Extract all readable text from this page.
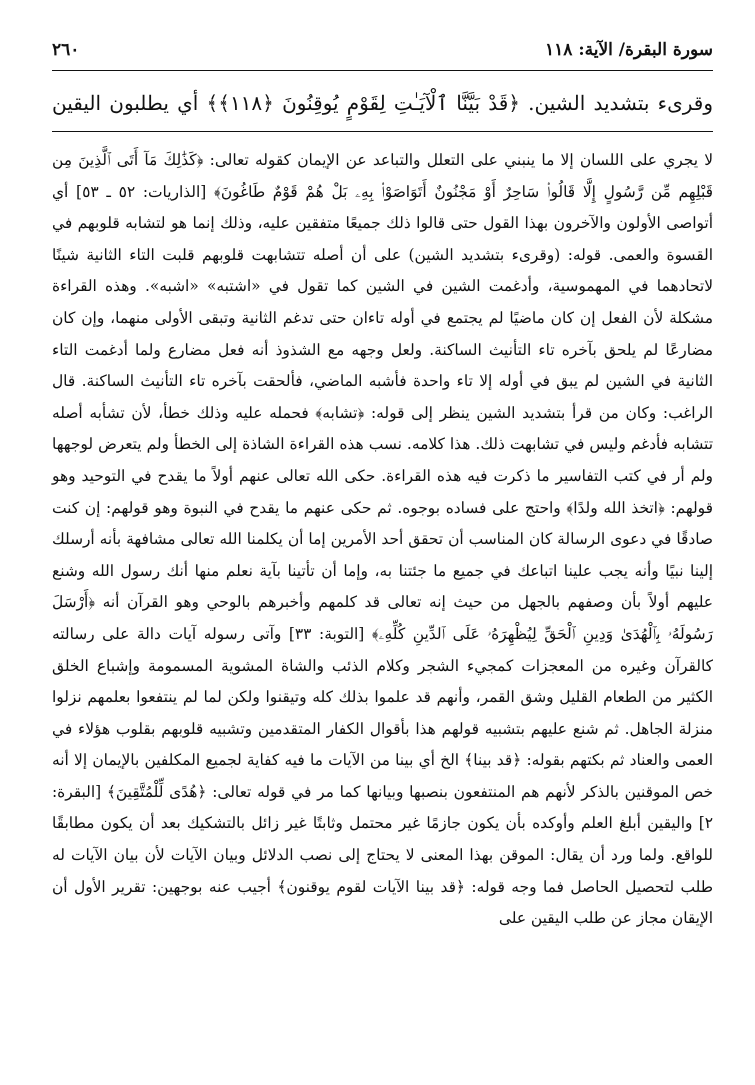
سورة البقرة/ الآية: ١١٨
٢٦٠
وقرىء بتشديد الشين. ﴿قَدْ بَيَّنَّا ٱلْآيَـٰتِ لِقَوْمٍ يُوقِنُونَ ﴿١١٨﴾﴾ أي يطلبون اليقين

لا يجري على اللسان إلا ما ينبني على التعلل والتباعد عن الإيمان كقوله تعالى: ﴿كَذَٰلِكَ مَآ أَتَى ٱلَّذِينَ مِن قَبْلِهِم مِّن رَّسُولٍ إِلَّا قَالُوا۟ سَاحِرٌ أَوْ مَجْنُونٌ أَتَوَاصَوْا۟ بِهِۦ بَلْ هُمْ قَوْمٌ طَاغُونَ﴾ [الذاريات: ٥٢ ـ ٥٣] أي أتواصى الأولون والآخرون بهذا القول حتى قالوا ذلك جميعًا متفقين عليه، وذلك إنما هو لتشابه قلوبهم في القسوة والعمى. قوله: (وقرىء بتشديد الشين) على أن أصله تتشابهت قلوبهم قلبت التاء الثانية شينًا لاتحادهما في المهموسية، وأدغمت الشين في الشين كما تقول في «اشتبه» «اشبه». وهذه القراءة مشكلة لأن الفعل إن كان ماضيًا لم يجتمع في أوله تاءان حتى تدغم الثانية وتبقى الأولى منهما، وإن كان مضارعًا لم يلحق بآخره تاء التأنيث الساكنة. ولعل وجهه مع الشذوذ أنه فعل مضارع ولما أدغمت التاء الثانية في الشين لم يبق في أوله إلا تاء واحدة فأشبه الماضي، فألحقت بآخره تاء التأنيث الساكنة. قال الراغب: وكان من قرأ بتشديد الشين ينظر إلى قوله: ﴿تشابه﴾ فحمله عليه وذلك خطأ، لأن تشأبه أصله تتشابه فأدغم وليس في تشابهت ذلك. هذا كلامه. نسب هذه القراءة الشاذة إلى الخطأ ولم يتعرض لوجهها ولم أر في كتب التفاسير ما ذكرت فيه هذه القراءة. حكى الله تعالى عنهم أولاً ما يقدح في التوحيد وهو قولهم: ﴿اتخذ الله ولدًا﴾ واحتج على فساده بوجوه. ثم حكى عنهم ما يقدح في النبوة وهو قولهم: إن كنت صادقًا في دعوى الرسالة كان المناسب أن تحقق أحد الأمرين إما أن يكلمنا الله تعالى مشافهة بأنه أرسلك إلينا نبيًا وأنه يجب علينا اتباعك في جميع ما جئتنا به، وإما أن تأتينا بآية نعلم منها أنك رسول الله وشنع عليهم أولاً بأن وصفهم بالجهل من حيث إنه تعالى قد كلمهم وأخبرهم بالوحي وهو القرآن أنه ﴿أَرْسَلَ رَسُولَهُۥ بِٱلْهُدَىٰ وَدِينِ ٱلْحَقِّ لِيُظْهِرَهُۥ عَلَى ٱلدِّينِ كُلِّهِۦ﴾ [التوبة: ٣٣] وآتى رسوله آيات دالة على رسالته كالقرآن وغيره من المعجزات كمجيء الشجر وكلام الذئب والشاة المشوية المسمومة وإشباع الخلق الكثير من الطعام القليل وشق القمر، وأنهم قد علموا بذلك كله وتيقنوا ولكن لما لم ينتفعوا بعلمهم نزلوا منزلة الجاهل. ثم شنع عليهم بتشبيه قولهم هذا بأقوال الكفار المتقدمين وتشبيه قلوبهم بقلوب هؤلاء في العمى والعناد ثم بكتهم بقوله: ﴿قد بينا﴾ الخ أي بينا من الآيات ما فيه كفاية لجميع المكلفين بالإيمان إلا أنه خص الموقنين بالذكر لأنهم هم المنتفعون بنصبها وبيانها كما مر في قوله تعالى: ﴿هُدًى لِّلْمُتَّقِينَ﴾ [البقرة: ٢] واليقين أبلغ العلم وأوكده بأن يكون جازمًا غير محتمل وثابتًا غير زائل بالتشكيك بعد أن يكون مطابقًا للواقع. ولما ورد أن يقال: الموقن بهذا المعنى لا يحتاج إلى نصب الدلائل وبيان الآيات لأن بيان الآيات له طلب لتحصيل الحاصل فما وجه قوله: ﴿قد بينا الآيات لقوم يوقنون﴾ أجيب عنه بوجهين: تقرير الأول أن الإيقان مجاز عن طلب اليقين على
